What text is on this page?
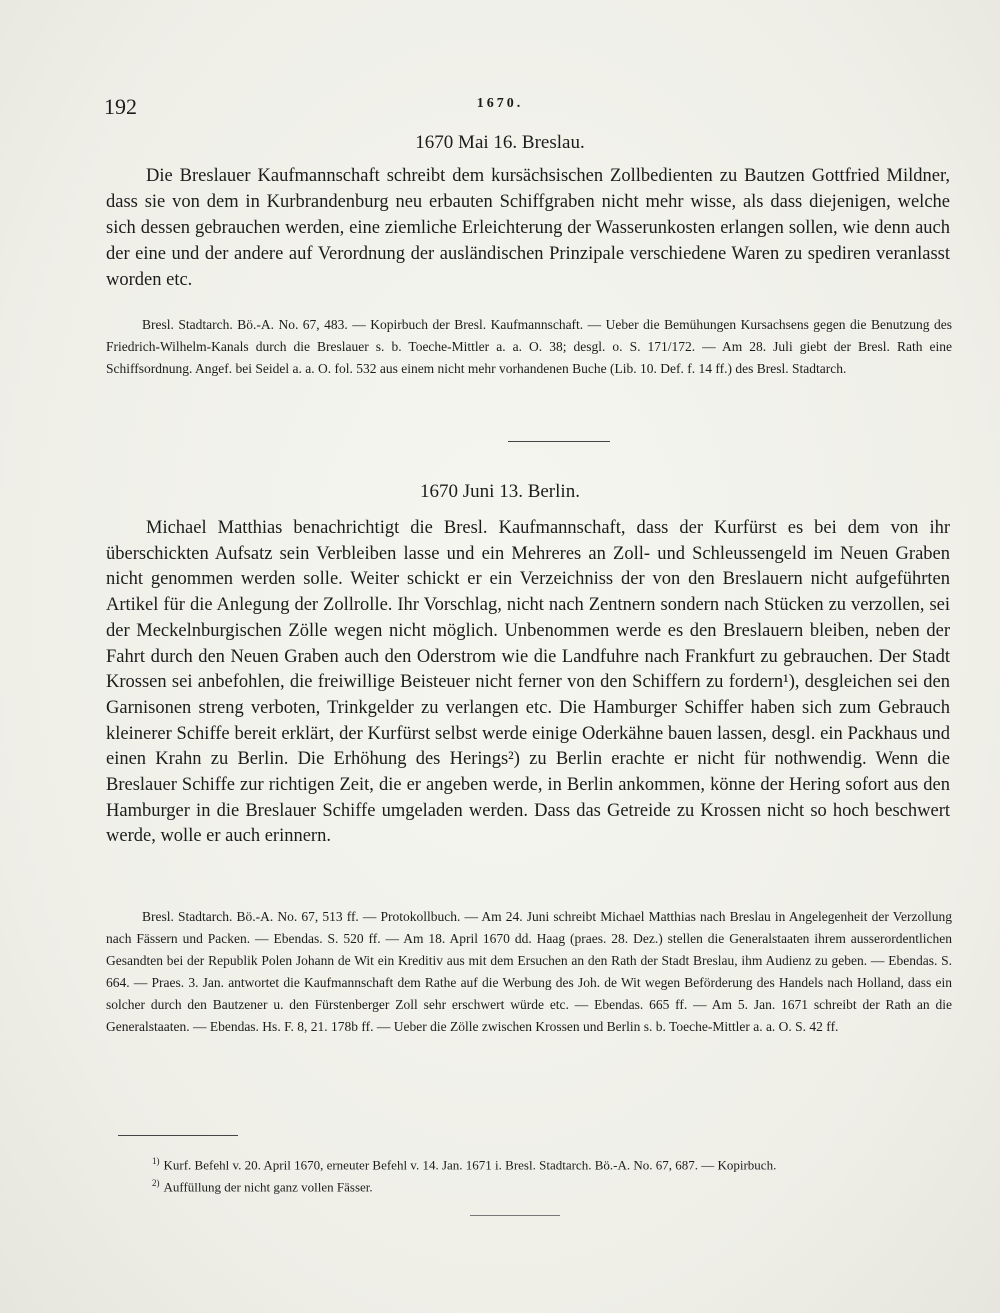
192	1670.
1670 Mai 16. Breslau.

Die Breslauer Kaufmannschaft schreibt dem kursächsischen Zollbedienten zu Bautzen Gottfried Mildner, dass sie von dem in Kurbrandenburg neu erbauten Schiffgraben nicht mehr wisse, als dass diejenigen, welche sich dessen gebrauchen werden, eine ziemliche Erleichterung der Wasserunkosten erlangen sollen, wie denn auch der eine und der andere auf Verordnung der ausländischen Prinzipale verschiedene Waren zu spediren veranlasst worden etc.

Bresl. Stadtarch. Bö.-A. No. 67, 483. — Kopirbuch der Bresl. Kaufmannschaft. — Ueber die Bemühungen Kursachsens gegen die Benutzung des Friedrich-Wilhelm-Kanals durch die Breslauer s. b. Toeche-Mittler a. a. O. 38; desgl. o. S. 171/172. — Am 28. Juli giebt der Bresl. Rath eine Schiffsordnung. Angef. bei Seidel a. a. O. fol. 532 aus einem nicht mehr vorhandenen Buche (Lib. 10. Def. f. 14 ff.) des Bresl. Stadtarch.

1670 Juni 13. Berlin.

Michael Matthias benachrichtigt die Bresl. Kaufmannschaft, dass der Kurfürst es bei dem von ihr überschickten Aufsatz sein Verbleiben lasse und ein Mehreres an Zoll- und Schleussengeld im Neuen Graben nicht genommen werden solle. Weiter schickt er ein Verzeichniss der von den Breslauern nicht aufgeführten Artikel für die Anlegung der Zollrolle. Ihr Vorschlag, nicht nach Zentnern sondern nach Stücken zu verzollen, sei der Meckelnburgischen Zölle wegen nicht möglich. Unbenommen werde es den Breslauern bleiben, neben der Fahrt durch den Neuen Graben auch den Oderstrom wie die Landfuhre nach Frankfurt zu gebrauchen. Der Stadt Krossen sei anbefohlen, die freiwillige Beisteuer nicht ferner von den Schiffern zu fordern¹), desgleichen sei den Garnisonen streng verboten, Trinkgelder zu verlangen etc. Die Hamburger Schiffer haben sich zum Gebrauch kleinerer Schiffe bereit erklärt, der Kurfürst selbst werde einige Oderkähne bauen lassen, desgl. ein Packhaus und einen Krahn zu Berlin. Die Erhöhung des Herings²) zu Berlin erachte er nicht für nothwendig. Wenn die Breslauer Schiffe zur richtigen Zeit, die er angeben werde, in Berlin ankommen, könne der Hering sofort aus den Hamburger in die Breslauer Schiffe umgeladen werden. Dass das Getreide zu Krossen nicht so hoch beschwert werde, wolle er auch erinnern.

Bresl. Stadtarch. Bö.-A. No. 67, 513 ff. — Protokollbuch. — Am 24. Juni schreibt Michael Matthias nach Breslau in Angelegenheit der Verzollung nach Fässern und Packen. — Ebendas. S. 520 ff. — Am 18. April 1670 dd. Haag (praes. 28. Dez.) stellen die Generalstaaten ihrem ausserordentlichen Gesandten bei der Republik Polen Johann de Wit ein Kreditiv aus mit dem Ersuchen an den Rath der Stadt Breslau, ihm Audienz zu geben. — Ebendas. S. 664. — Praes. 3. Jan. antwortet die Kaufmannschaft dem Rathe auf die Werbung des Joh. de Wit wegen Beförderung des Handels nach Holland, dass ein solcher durch den Bautzener u. den Fürstenberger Zoll sehr erschwert würde etc. — Ebendas. 665 ff. — Am 5. Jan. 1671 schreibt der Rath an die Generalstaaten. — Ebendas. Hs. F. 8, 21. 178b ff. — Ueber die Zölle zwischen Krossen und Berlin s. b. Toeche-Mittler a. a. O. S. 42 ff.

$^{1)}$ Kurf. Befehl v. 20. April 1670, erneuter Befehl v. 14. Jan. 1671 i. Bresl. Stadtarch. Bö.-A. No. 67, 687. — Kopirbuch.
$^{2)}$ Auffüllung der nicht ganz vollen Fässer.
